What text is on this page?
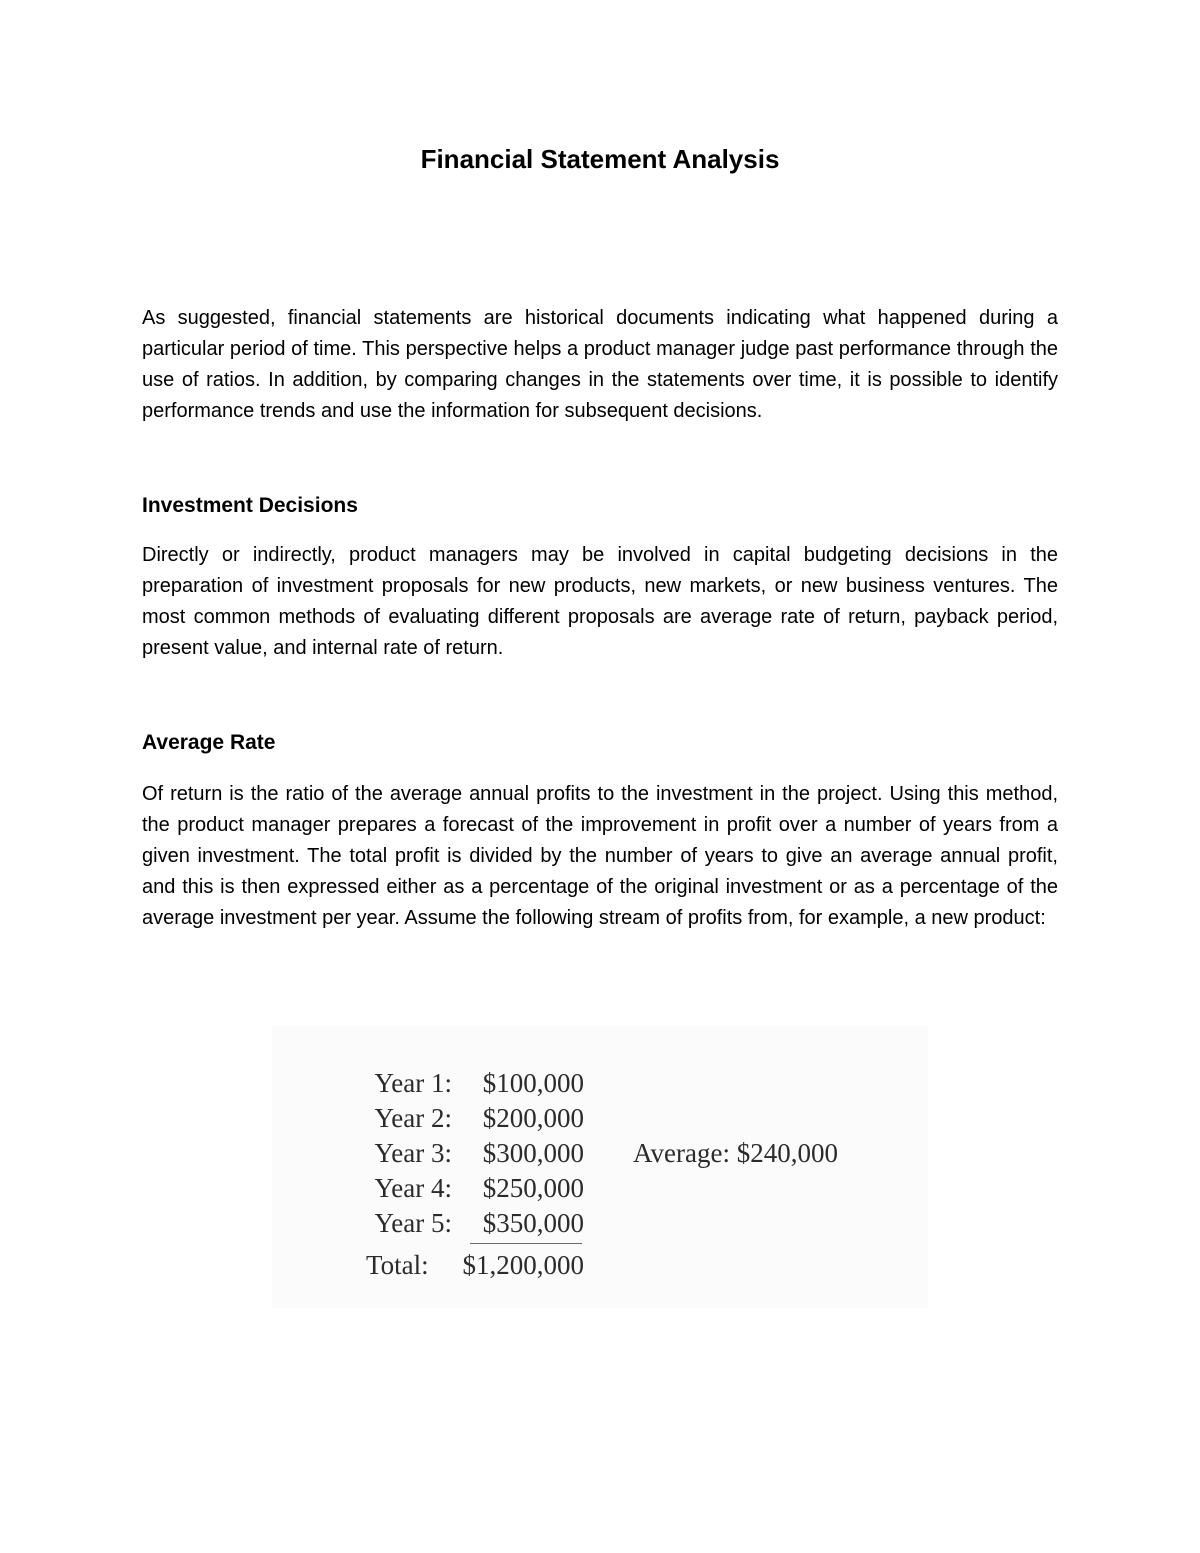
Financial Statement Analysis

As suggested, financial statements are historical documents indicating what happened during a particular period of time. This perspective helps a product manager judge past performance through the use of ratios. In addition, by comparing changes in the statements over time, it is possible to identify performance trends and use the information for subsequent decisions.

Investment Decisions

Directly or indirectly, product managers may be involved in capital budgeting decisions in the preparation of investment proposals for new products, new markets, or new business ventures. The most common methods of evaluating different proposals are average rate of return, payback period, present value, and internal rate of return.

Average Rate

Of return is the ratio of the average annual profits to the investment in the project. Using this method, the product manager prepares a forecast of the improvement in profit over a number of years from a given investment. The total profit is divided by the number of years to give an average annual profit, and this is then expressed either as a percentage of the original investment or as a percentage of the average investment per year. Assume the following stream of profits from, for example, a new product:

Year 1: $100,000
Year 2: $200,000
Year 3: $300,000
Year 4: $250,000
Year 5: $350,000
Total: $1,200,000
Average: $240,000
